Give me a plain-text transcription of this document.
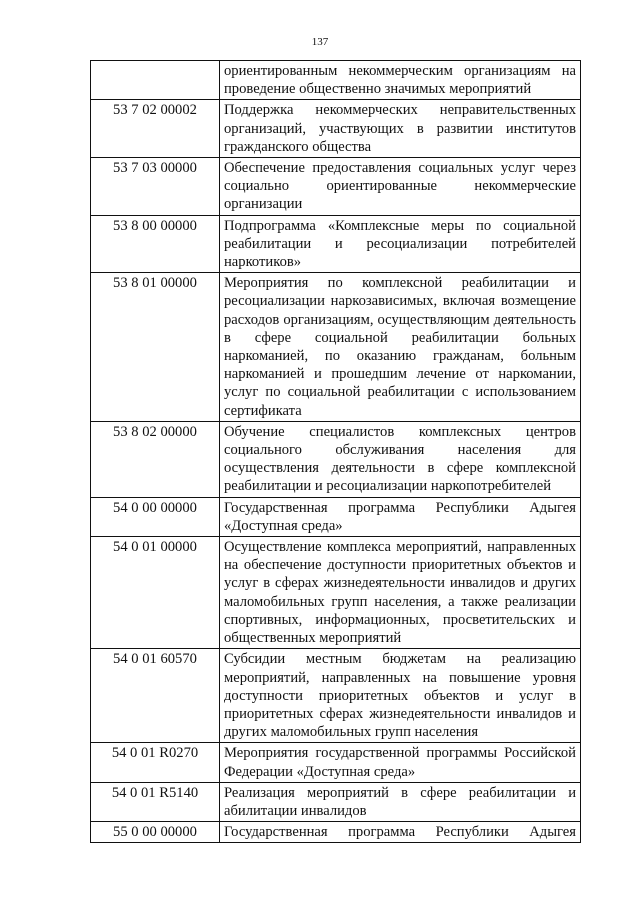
137
	ориентированным некоммерческим организациям на проведение общественно значимых мероприятий
53 7 02 00002	Поддержка некоммерческих неправительственных организаций, участвующих в развитии институтов гражданского общества
53 7 03 00000	Обеспечение предоставления социальных услуг через социально ориентированные некоммерческие организации
53 8 00 00000	Подпрограмма «Комплексные меры по социальной реабилитации и ресоциализации потребителей наркотиков»
53 8 01 00000	Мероприятия по комплексной реабилитации и ресоциализации наркозависимых, включая возмещение расходов организациям, осуществляющим деятельность в сфере социальной реабилитации больных наркоманией, по оказанию гражданам, больным наркоманией и прошедшим лечение от наркомании, услуг по социальной реабилитации с использованием сертификата
53 8 02 00000	Обучение специалистов комплексных центров социального обслуживания населения для осуществления деятельности в сфере комплексной реабилитации и ресоциализации наркопотребителей
54 0 00 00000	Государственная программа Республики Адыгея «Доступная среда»
54 0 01 00000	Осуществление комплекса мероприятий, направленных на обеспечение доступности приоритетных объектов и услуг в сферах жизнедеятельности инвалидов и других маломобильных групп населения, а также реализации спортивных, информационных, просветительских и общественных мероприятий
54 0 01 60570	Субсидии местным бюджетам на реализацию мероприятий, направленных на повышение уровня доступности приоритетных объектов и услуг в приоритетных сферах жизнедеятельности инвалидов и других маломобильных групп населения
54 0 01 R0270	Мероприятия государственной программы Российской Федерации «Доступная среда»
54 0 01 R5140	Реализация мероприятий в сфере реабилитации и абилитации инвалидов
55 0 00 00000	Государственная программа Республики Адыгея
